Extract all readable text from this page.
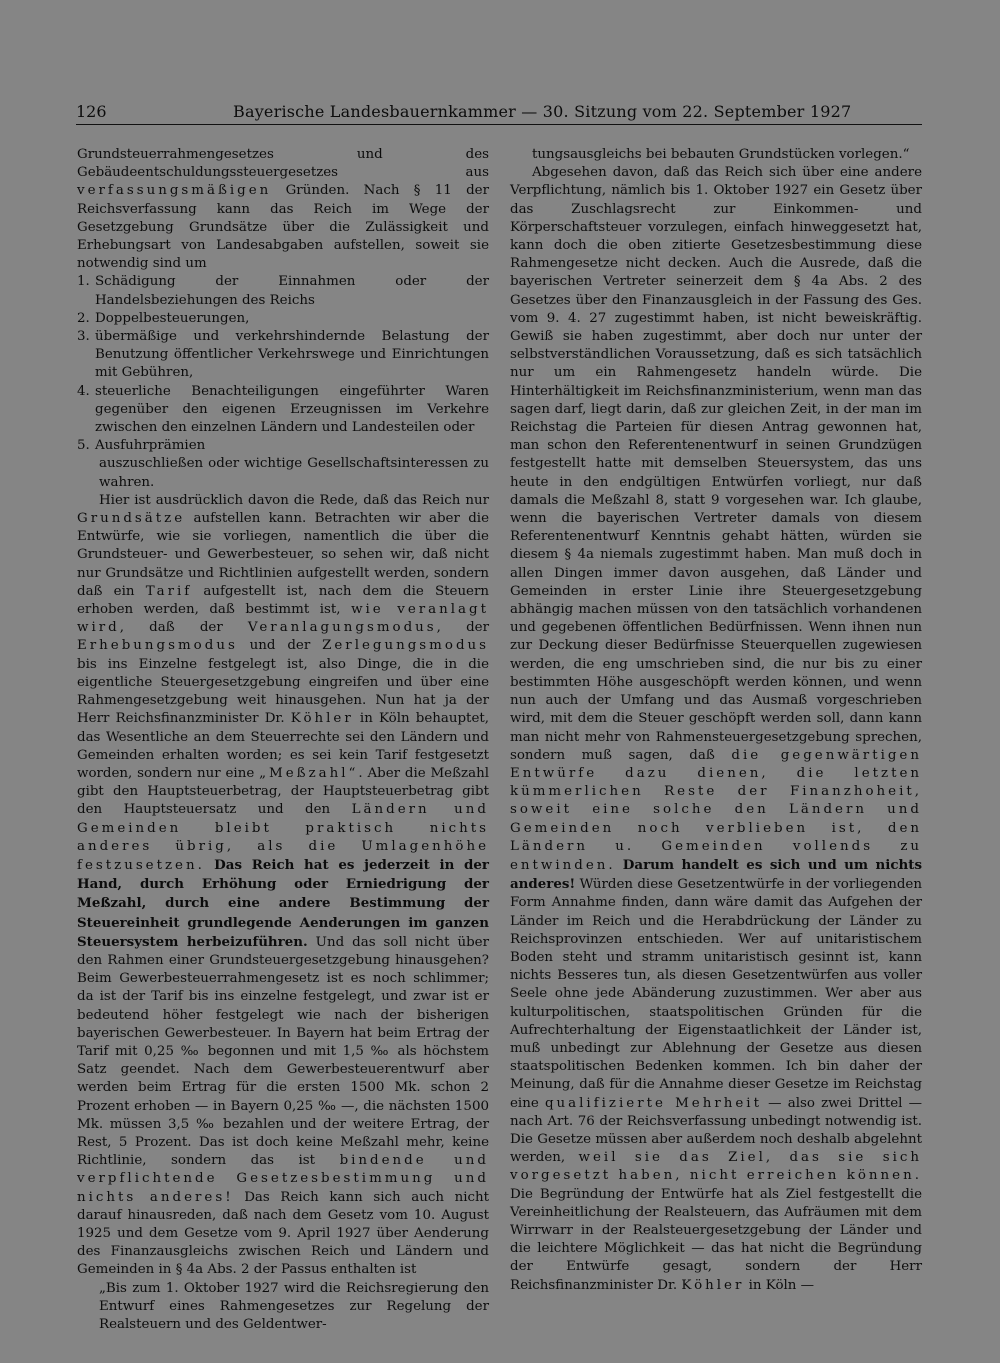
126	Bayerische Landesbauernkammer — 30. Sitzung vom 22. September 1927

Grundsteuerrahmengesetzes und des Gebäudeentschuldungssteuergesetzes aus verfassungsmäßigen Gründen. Nach § 11 der Reichsverfassung kann das Reich im Wege der Gesetzgebung Grundsätze über die Zulässigkeit und Erhebungsart von Landesabgaben aufstellen, soweit sie notwendig sind um

1. Schädigung der Einnahmen oder der Handelsbeziehungen des Reichs
2. Doppelbesteuerungen,
3. übermäßige und verkehrshindernde Belastung der Benutzung öffentlicher Verkehrswege und Einrichtungen mit Gebühren,
4. steuerliche Benachteiligungen eingeführter Waren gegenüber den eigenen Erzeugnissen im Verkehre zwischen den einzelnen Ländern und Landesteilen oder
5. Ausfuhrprämien

auszuschließen oder wichtige Gesellschaftsinteressen zu wahren.

Hier ist ausdrücklich davon die Rede, daß das Reich nur Grundsätze aufstellen kann. Betrachten wir aber die Entwürfe, wie sie vorliegen, namentlich die über die Grundsteuer- und Gewerbesteuer, so sehen wir, daß nicht nur Grundsätze und Richtlinien aufgestellt werden, sondern daß ein Tarif aufgestellt ist, nach dem die Steuern erhoben werden, daß bestimmt ist, wie veranlagt wird, daß der Veranlagungsmodus, der Erhebungsmodus und der Zerlegungsmodus bis ins Einzelne festgelegt ist, also Dinge, die in die eigentliche Steuergesetzgebung eingreifen und über eine Rahmengesetzgebung weit hinausgehen. Nun hat ja der Herr Reichsfinanzminister Dr. Köhler in Köln behauptet, das Wesentliche an dem Steuerrechte sei den Ländern und Gemeinden erhalten worden; es sei kein Tarif festgesetzt worden, sondern nur eine „Meßzahl“. Aber die Meßzahl gibt den Hauptsteuerbetrag, der Hauptsteuerbetrag gibt den Hauptsteuersatz und den Ländern und Gemeinden bleibt praktisch nichts anderes übrig, als die Umlagenhöhe festzusetzen. Das Reich hat es jederzeit in der Hand, durch Erhöhung oder Erniedrigung der Meßzahl, durch eine andere Bestimmung der Steuereinheit grundlegende Aenderungen im ganzen Steuersystem herbeizuführen. Und das soll nicht über den Rahmen einer Grundsteuergesetzgebung hinausgehen? Beim Gewerbesteuerrahmengesetz ist es noch schlimmer; da ist der Tarif bis ins einzelne festgelegt, und zwar ist er bedeutend höher festgelegt wie nach der bisherigen bayerischen Gewerbesteuer. In Bayern hat beim Ertrag der Tarif mit 0,25 ‰ begonnen und mit 1,5 ‰ als höchstem Satz geendet. Nach dem Gewerbesteuerentwurf aber werden beim Ertrag für die ersten 1500 Mk. schon 2 Prozent erhoben — in Bayern 0,25 ‰ —, die nächsten 1500 Mk. müssen 3,5 ‰ bezahlen und der weitere Ertrag, der Rest, 5 Prozent. Das ist doch keine Meßzahl mehr, keine Richtlinie, sondern das ist bindende und verpflichtende Gesetzesbestimmung und nichts anderes! Das Reich kann sich auch nicht darauf hinausreden, daß nach dem Gesetz vom 10. August 1925 und dem Gesetze vom 9. April 1927 über Aenderung des Finanzausgleichs zwischen Reich und Ländern und Gemeinden in § 4a Abs. 2 der Passus enthalten ist

„Bis zum 1. Oktober 1927 wird die Reichsregierung den Entwurf eines Rahmengesetzes zur Regelung der Realsteuern und des Geldentwer-

tungsausgleichs bei bebauten Grundstücken vorlegen.“

Abgesehen davon, daß das Reich sich über eine andere Verpflichtung, nämlich bis 1. Oktober 1927 ein Gesetz über das Zuschlagsrecht zur Einkommen- und Körperschaftsteuer vorzulegen, einfach hinweggesetzt hat, kann doch die oben zitierte Gesetzesbestimmung diese Rahmengesetze nicht decken. Auch die Ausrede, daß die bayerischen Vertreter seinerzeit dem § 4a Abs. 2 des Gesetzes über den Finanzausgleich in der Fassung des Ges. vom 9. 4. 27 zugestimmt haben, ist nicht beweiskräftig. Gewiß sie haben zugestimmt, aber doch nur unter der selbstverständlichen Voraussetzung, daß es sich tatsächlich nur um ein Rahmengesetz handeln würde. Die Hinterhältigkeit im Reichsfinanzministerium, wenn man das sagen darf, liegt darin, daß zur gleichen Zeit, in der man im Reichstag die Parteien für diesen Antrag gewonnen hat, man schon den Referentenentwurf in seinen Grundzügen festgestellt hatte mit demselben Steuersystem, das uns heute in den endgültigen Entwürfen vorliegt, nur daß damals die Meßzahl 8, statt 9 vorgesehen war. Ich glaube, wenn die bayerischen Vertreter damals von diesem Referentenentwurf Kenntnis gehabt hätten, würden sie diesem § 4a niemals zugestimmt haben. Man muß doch in allen Dingen immer davon ausgehen, daß Länder und Gemeinden in erster Linie ihre Steuergesetzgebung abhängig machen müssen von den tatsächlich vorhandenen und gegebenen öffentlichen Bedürfnissen. Wenn ihnen nun zur Deckung dieser Bedürfnisse Steuerquellen zugewiesen werden, die eng umschrieben sind, die nur bis zu einer bestimmten Höhe ausgeschöpft werden können, und wenn nun auch der Umfang und das Ausmaß vorgeschrieben wird, mit dem die Steuer geschöpft werden soll, dann kann man nicht mehr von Rahmensteuergesetzgebung sprechen, sondern muß sagen, daß die gegenwärtigen Entwürfe dazu dienen, die letzten kümmerlichen Reste der Finanzhoheit, soweit eine solche den Ländern und Gemeinden noch verblieben ist, den Ländern u. Gemeinden vollends zu entwinden. Darum handelt es sich und um nichts anderes! Würden diese Gesetzentwürfe in der vorliegenden Form Annahme finden, dann wäre damit das Aufgehen der Länder im Reich und die Herabdrückung der Länder zu Reichsprovinzen entschieden. Wer auf unitaristischem Boden steht und stramm unitaristisch gesinnt ist, kann nichts Besseres tun, als diesen Gesetzentwürfen aus voller Seele ohne jede Abänderung zuzustimmen. Wer aber aus kulturpolitischen, staatspolitischen Gründen für die Aufrechterhaltung der Eigenstaatlichkeit der Länder ist, muß unbedingt zur Ablehnung der Gesetze aus diesen staatspolitischen Bedenken kommen. Ich bin daher der Meinung, daß für die Annahme dieser Gesetze im Reichstag eine qualifizierte Mehrheit — also zwei Drittel — nach Art. 76 der Reichsverfassung unbedingt notwendig ist. Die Gesetze müssen aber außerdem noch deshalb abgelehnt werden, weil sie das Ziel, das sie sich vorgesetzt haben, nicht erreichen können. Die Begründung der Entwürfe hat als Ziel festgestellt die Vereinheitlichung der Realsteuern, das Aufräumen mit dem Wirrwarr in der Realsteuergesetzgebung der Länder und die leichtere Möglichkeit — das hat nicht die Begründung der Entwürfe gesagt, sondern der Herr Reichsfinanzminister Dr. Köhler in Köln —
